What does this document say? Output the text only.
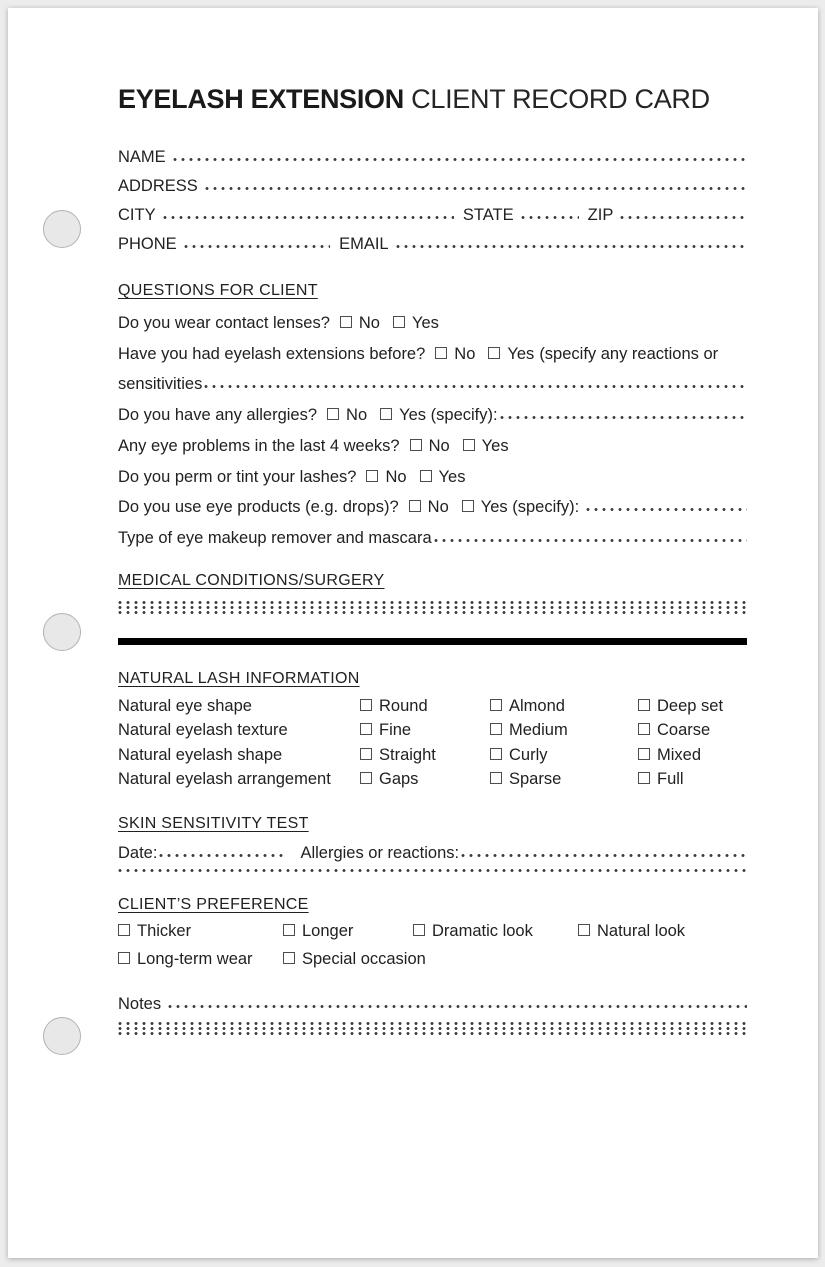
EYELASH EXTENSION CLIENT RECORD CARD
NAME
ADDRESS
CITY	STATE	ZIP
PHONE	EMAIL
QUESTIONS FOR CLIENT
Do you wear contact lenses? No Yes
Have you had eyelash extensions before? No Yes (specify any reactions or
sensitivities
Do you have any allergies? No Yes (specify):
Any eye problems in the last 4 weeks? No Yes
Do you perm or tint your lashes? No Yes
Do you use eye products (e.g. drops)? No Yes (specify):
Type of eye makeup remover and mascara
MEDICAL CONDITIONS/SURGERY
NATURAL LASH INFORMATION
Natural eye shape	Round	Almond	Deep set
Natural eyelash texture	Fine	Medium	Coarse
Natural eyelash shape	Straight	Curly	Mixed
Natural eyelash arrangement	Gaps	Sparse	Full
SKIN SENSITIVITY TEST
Date:	Allergies or reactions:
CLIENT’S PREFERENCE
Thicker	Longer	Dramatic look	Natural look
Long-term wear	Special occasion
Notes
